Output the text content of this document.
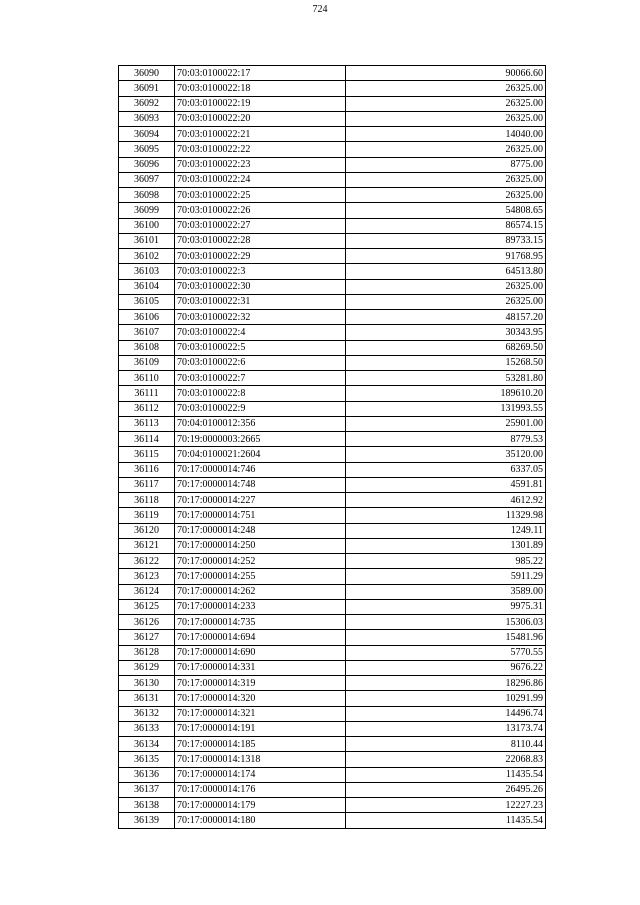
724
36090	70:03:0100022:17	90066.60
36091	70:03:0100022:18	26325.00
36092	70:03:0100022:19	26325.00
36093	70:03:0100022:20	26325.00
36094	70:03:0100022:21	14040.00
36095	70:03:0100022:22	26325.00
36096	70:03:0100022:23	8775.00
36097	70:03:0100022:24	26325.00
36098	70:03:0100022:25	26325.00
36099	70:03:0100022:26	54808.65
36100	70:03:0100022:27	86574.15
36101	70:03:0100022:28	89733.15
36102	70:03:0100022:29	91768.95
36103	70:03:0100022:3	64513.80
36104	70:03:0100022:30	26325.00
36105	70:03:0100022:31	26325.00
36106	70:03:0100022:32	48157.20
36107	70:03:0100022:4	30343.95
36108	70:03:0100022:5	68269.50
36109	70:03:0100022:6	15268.50
36110	70:03:0100022:7	53281.80
36111	70:03:0100022:8	189610.20
36112	70:03:0100022:9	131993.55
36113	70:04:0100012:356	25901.00
36114	70:19:0000003:2665	8779.53
36115	70:04:0100021:2604	35120.00
36116	70:17:0000014:746	6337.05
36117	70:17:0000014:748	4591.81
36118	70:17:0000014:227	4612.92
36119	70:17:0000014:751	11329.98
36120	70:17:0000014:248	1249.11
36121	70:17:0000014:250	1301.89
36122	70:17:0000014:252	985.22
36123	70:17:0000014:255	5911.29
36124	70:17:0000014:262	3589.00
36125	70:17:0000014:233	9975.31
36126	70:17:0000014:735	15306.03
36127	70:17:0000014:694	15481.96
36128	70:17:0000014:690	5770.55
36129	70:17:0000014:331	9676.22
36130	70:17:0000014:319	18296.86
36131	70:17:0000014:320	10291.99
36132	70:17:0000014:321	14496.74
36133	70:17:0000014:191	13173.74
36134	70:17:0000014:185	8110.44
36135	70:17:0000014:1318	22068.83
36136	70:17:0000014:174	11435.54
36137	70:17:0000014:176	26495.26
36138	70:17:0000014:179	12227.23
36139	70:17:0000014:180	11435.54
